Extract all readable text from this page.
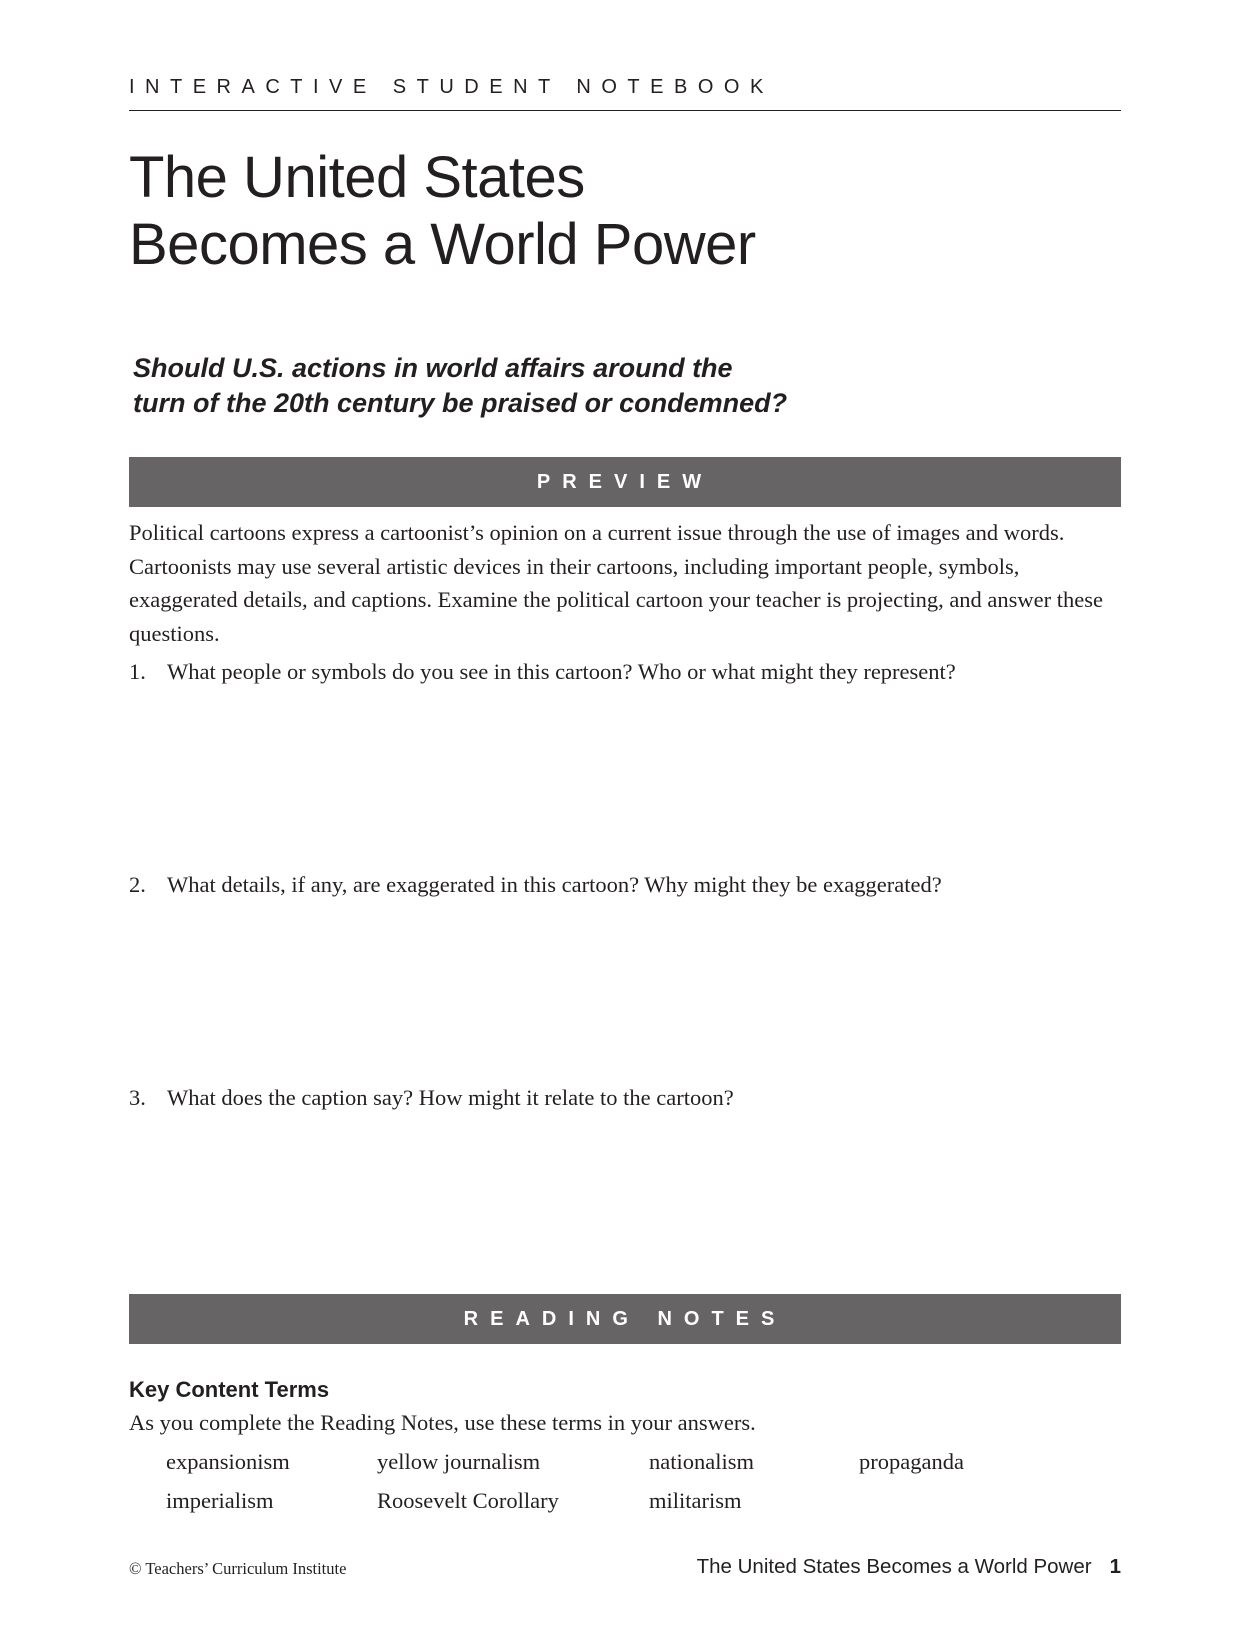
INTERACTIVE STUDENT NOTEBOOK
The United States
Becomes a World Power
Should U.S. actions in world affairs around the
turn of the 20th century be praised or condemned?
PREVIEW

Political cartoons express a cartoonist’s opinion on a current issue through the use of images and words. Cartoonists may use several artistic devices in their cartoons, including important people, symbols, exaggerated details, and captions. Examine the political cartoon your teacher is projecting, and answer these questions.

1. What people or symbols do you see in this cartoon? Who or what might they represent?
2. What details, if any, are exaggerated in this cartoon? Why might they be exaggerated?
3. What does the caption say? How might it relate to the cartoon?
READING NOTES
Key Content Terms
As you complete the Reading Notes, use these terms in your answers.
expansionism	yellow journalism	nationalism	propaganda
imperialism	Roosevelt Corollary	militarism
© Teachers’ Curriculum Institute	The United States Becomes a World Power 1
